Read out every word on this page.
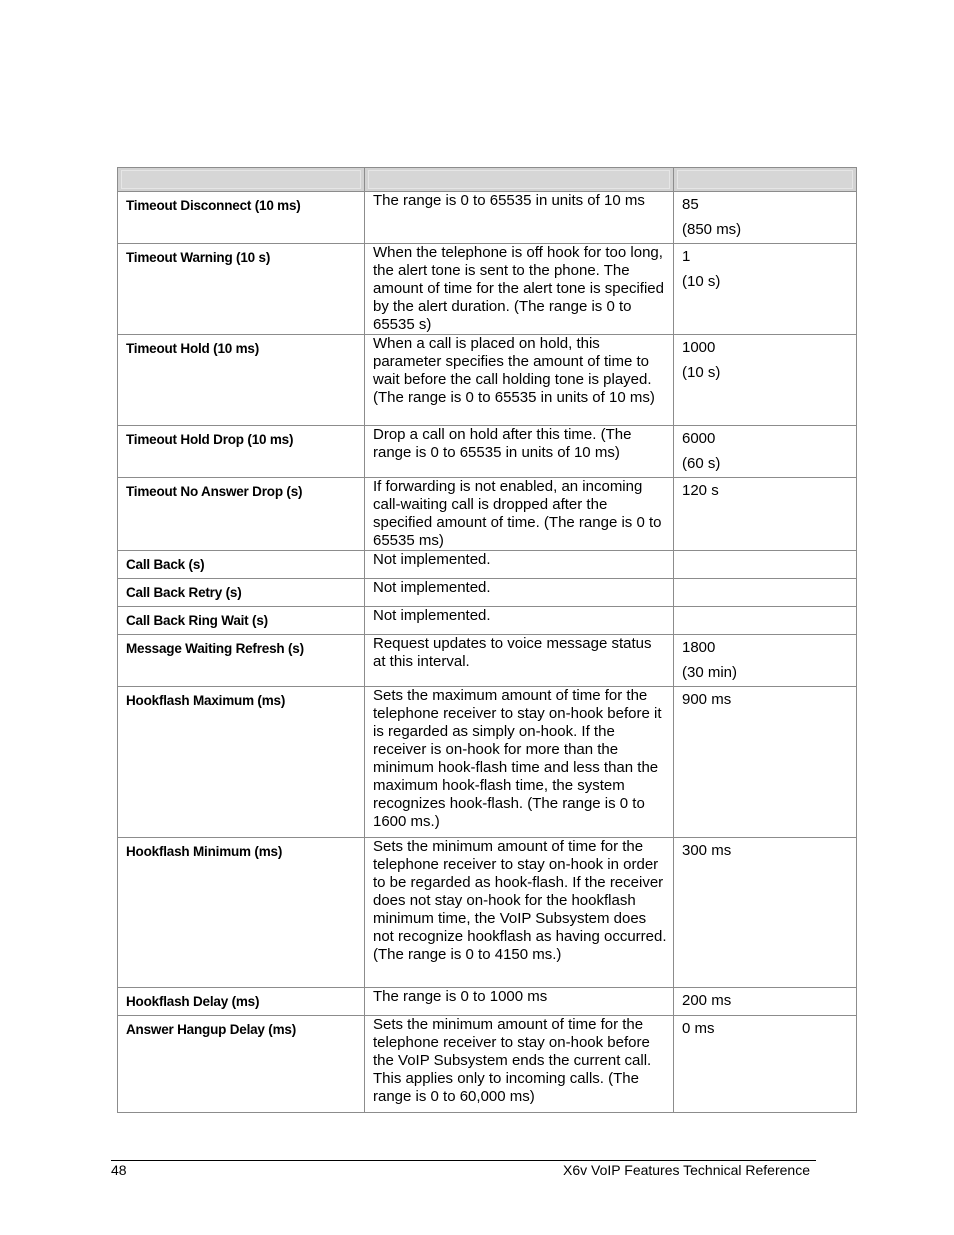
Timeout Disconnect (10 ms)	The range is 0 to 65535 in units of 10 ms	85
(850 ms)

Timeout Warning (10 s)	When the telephone is off hook for too long, the alert tone is sent to the phone. The amount of time for the alert tone is specified by the alert duration. (The range is 0 to 65535 s)	1
(10 s)

Timeout Hold (10 ms)	When a call is placed on hold, this parameter specifies the amount of time to wait before the call holding tone is played. (The range is 0 to 65535 in units of 10 ms)	1000
(10 s)

Timeout Hold Drop (10 ms)	Drop a call on hold after this time. (The range is 0 to 65535 in units of 10 ms)	6000
(60 s)

Timeout No Answer Drop (s)	If forwarding is not enabled, an incoming call-waiting call is dropped after the specified amount of time. (The range is 0 to 65535 ms)	120 s

Call Back (s)	Not implemented.	
Call Back Retry (s)	Not implemented.	
Call Back Ring Wait (s)	Not implemented.	
Message Waiting Refresh (s)	Request updates to voice message status at this interval.	1800
(30 min)

Hookflash Maximum (ms)	Sets the maximum amount of time for the telephone receiver to stay on-hook before it is regarded as simply on-hook. If the receiver is on-hook for more than the minimum hook-flash time and less than the maximum hook-flash time, the system recognizes hook-flash. (The range is 0 to 1600 ms.)	900 ms

Hookflash Minimum (ms)	Sets the minimum amount of time for the telephone receiver to stay on-hook in order to be regarded as hook-flash. If the receiver does not stay on-hook for the hookflash minimum time, the VoIP Subsystem does not recognize hookflash as having occurred. (The range is 0 to 4150 ms.)	300 ms

Hookflash Delay (ms)	The range is 0 to 1000 ms	200 ms

Answer Hangup Delay (ms)	Sets the minimum amount of time for the telephone receiver to stay on-hook before the VoIP Subsystem ends the current call. This applies only to incoming calls. (The range is 0 to 60,000 ms)	0 ms
48	X6v VoIP Features Technical Reference
